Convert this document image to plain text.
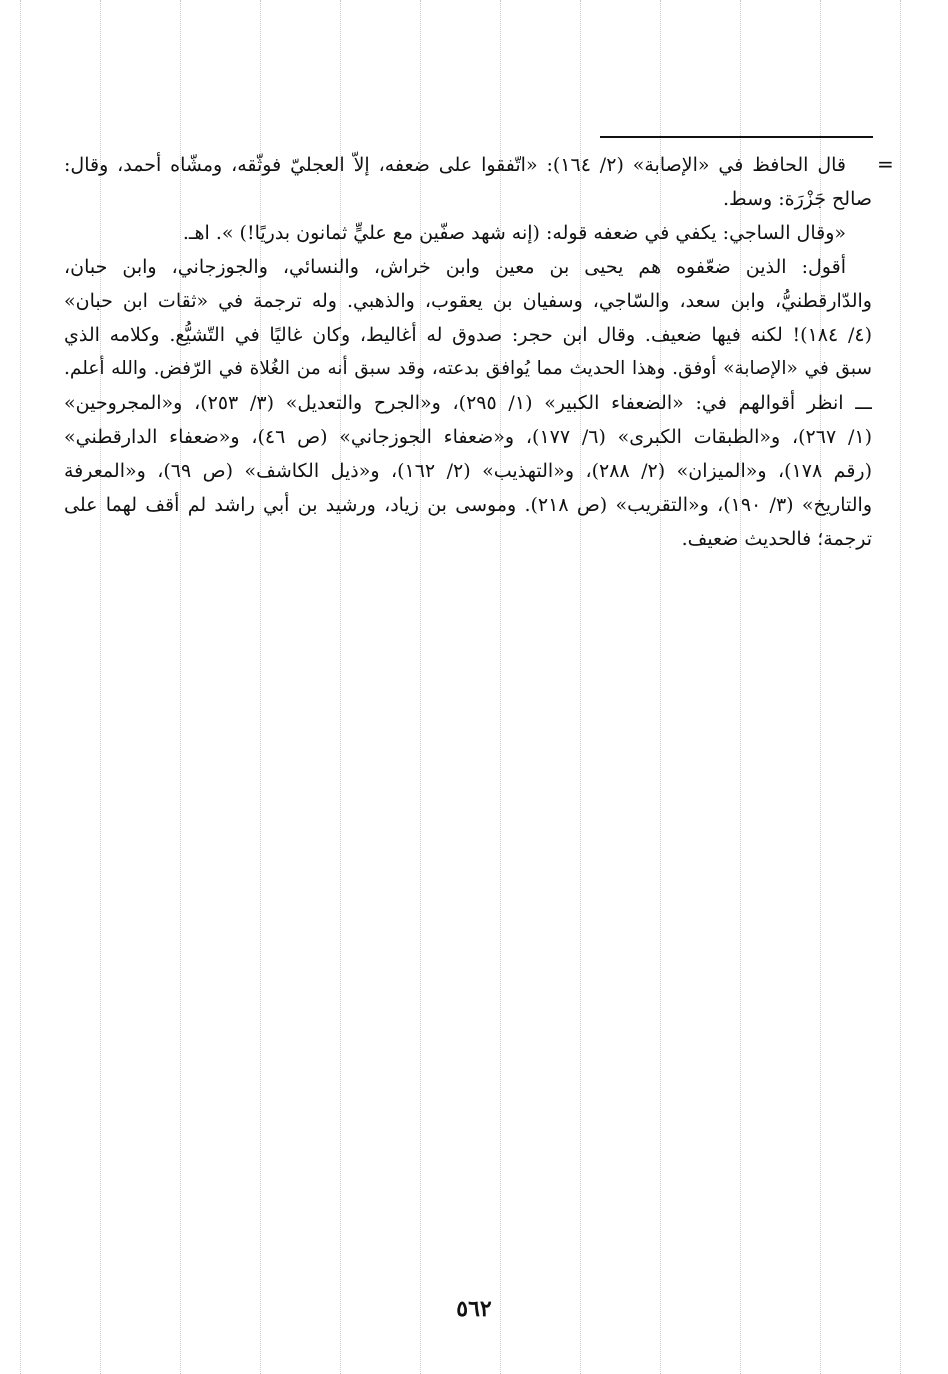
=
قال الحافظ في «الإصابة» (٢/ ١٦٤): «اتّفقوا على ضعفه، إلاّ العجليّ فوثّقه، ومشّاه أحمد، وقال:
صالح جَزْرَة: وسط.
«وقال الساجي: يكفي في ضعفه قوله: (إنه شهد صفّين مع عليٍّ ثمانون بدريًا!) ». اهـ.
أقول: الذين ضعّفوه هم يحيى بن معين وابن خراش، والنسائي، والجوزجاني، وابن حبان،
والدّارقطنيُّ، وابن سعد، والسّاجي، وسفيان بن يعقوب، والذهبي. وله ترجمة في «ثقات ابن حبان»
(٤/ ١٨٤)! لكنه فيها ضعيف. وقال ابن حجر: صدوق له أغاليط، وكان غاليًا في التّشيُّع. وكلامه الذي
سبق في «الإصابة» أوفق. وهذا الحديث مما يُوافق بدعته، وقد سبق أنه من الغُلاة في الرّفض. والله أعلم.
ـــ انظر أقوالهم في: «الضعفاء الكبير» (١/ ٢٩٥)، و«الجرح والتعديل» (٣/ ٢٥٣)، و«المجروحين»
(١/ ٢٦٧)، و«الطبقات الكبرى» (٦/ ١٧٧)، و«ضعفاء الجوزجاني» (ص ٤٦)، و«ضعفاء الدارقطني»
(رقم ١٧٨)، و«الميزان» (٢/ ٢٨٨)، و«التهذيب» (٢/ ١٦٢)، و«ذيل الكاشف» (ص ٦٩)، و«المعرفة
والتاريخ» (٣/ ١٩٠)، و«التقريب» (ص ٢١٨). وموسى بن زياد، ورشيد بن أبي راشد لم أقف لهما على
ترجمة؛ فالحديث ضعيف.
٥٦٢
